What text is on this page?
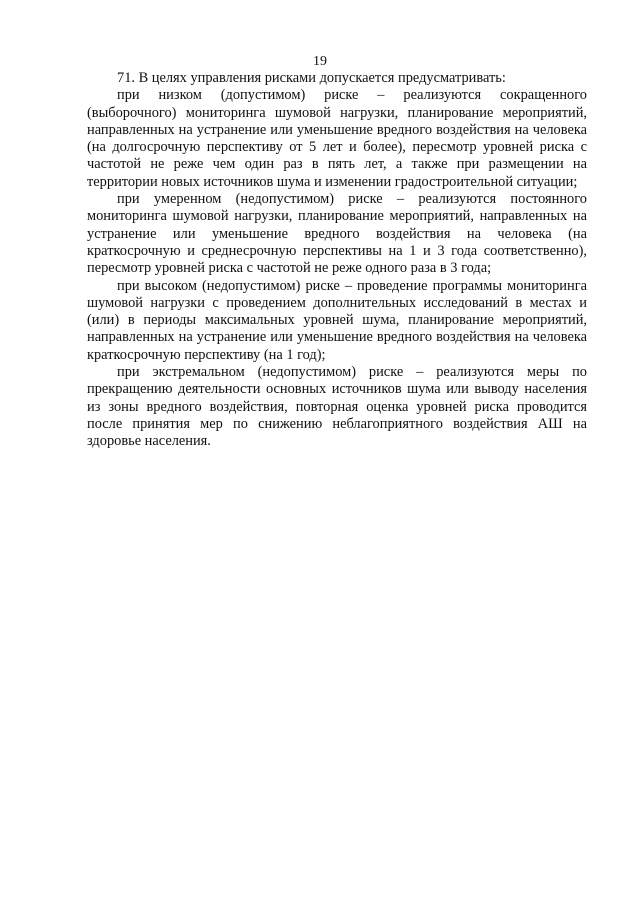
19

71. В целях управления рисками допускается предусматривать:

при низком (допустимом) риске – реализуются сокращенного (выборочного) мониторинга шумовой нагрузки, планирование мероприятий, направленных на устранение или уменьшение вредного воздействия на человека (на долгосрочную перспективу от 5 лет и более), пересмотр уровней риска с частотой не реже чем один раз в пять лет, а также при размещении на территории новых источников шума и изменении градостроительной ситуации;

при умеренном (недопустимом) риске – реализуются постоянного мониторинга шумовой нагрузки, планирование мероприятий, направленных на устранение или уменьшение вредного воздействия на человека (на краткосрочную и среднесрочную перспективы на 1 и 3 года соответственно), пересмотр уровней риска с частотой не реже одного раза в 3 года;

при высоком (недопустимом) риске – проведение программы мониторинга шумовой нагрузки с проведением дополнительных исследований в местах и (или) в периоды максимальных уровней шума, планирование мероприятий, направленных на устранение или уменьшение вредного воздействия на человека краткосрочную перспективу (на 1 год);

при экстремальном (недопустимом) риске – реализуются меры по прекращению деятельности основных источников шума или выводу населения из зоны вредного воздействия, повторная оценка уровней риска проводится после принятия мер по снижению неблагоприятного воздействия АШ на здоровье населения.
